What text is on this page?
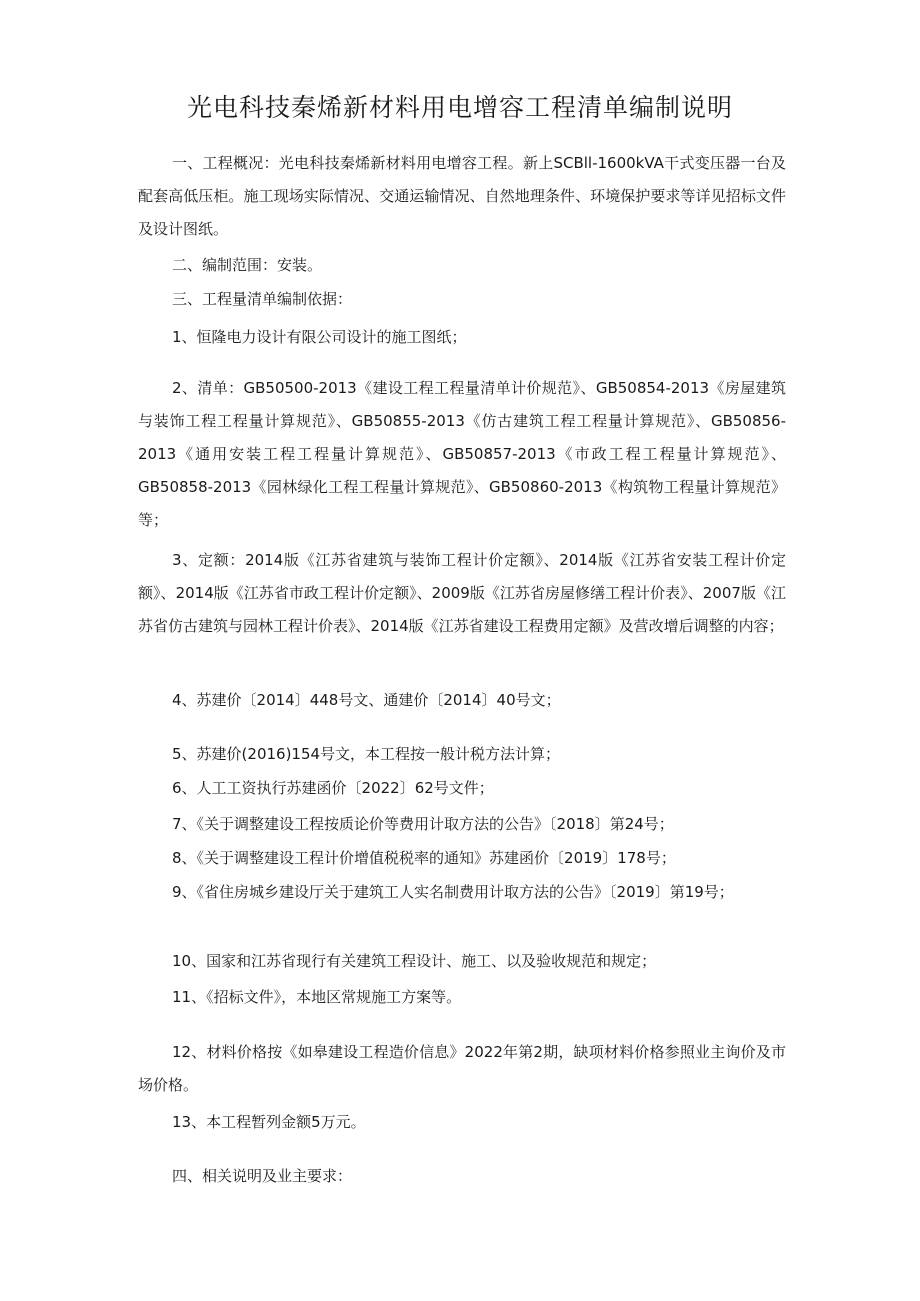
光电科技秦烯新材料用电增容工程清单编制说明

一、工程概况：光电科技秦烯新材料用电增容工程。新上SCBll-1600kVA干式变压器一台及配套高低压柜。施工现场实际情况、交通运输情况、自然地理条件、环境保护要求等详见招标文件及设计图纸。

二、编制范围：安装。

三、工程量清单编制依据：

1、恒隆电力设计有限公司设计的施工图纸；

2、清单：GB50500-2013《建设工程工程量清单计价规范》、GB50854-2013《房屋建筑与装饰工程工程量计算规范》、GB50855-2013《仿古建筑工程工程量计算规范》、GB50856-2013《通用安装工程工程量计算规范》、GB50857-2013《市政工程工程量计算规范》、GB50858-2013《园林绿化工程工程量计算规范》、GB50860-2013《构筑物工程量计算规范》等；

3、定额：2014版《江苏省建筑与装饰工程计价定额》、2014版《江苏省安装工程计价定额》、2014版《江苏省市政工程计价定额》、2009版《江苏省房屋修缮工程计价表》、2007版《江苏省仿古建筑与园林工程计价表》、2014版《江苏省建设工程费用定额》及营改增后调整的内容；

4、苏建价〔2014〕448号文、通建价〔2014〕40号文；

5、苏建价(2016)154号文，本工程按一般计税方法计算；

6、人工工资执行苏建函价〔2022〕62号文件；

7、《关于调整建设工程按质论价等费用计取方法的公告》〔2018〕第24号；

8、《关于调整建设工程计价增值税税率的通知》苏建函价〔2019〕178号；

9、《省住房城乡建设厅关于建筑工人实名制费用计取方法的公告》〔2019〕第19号；

10、国家和江苏省现行有关建筑工程设计、施工、以及验收规范和规定；

11、《招标文件》，本地区常规施工方案等。

12、材料价格按《如皋建设工程造价信息》2022年第2期，缺项材料价格参照业主询价及市场价格。

13、本工程暂列金额5万元。

四、相关说明及业主要求：
